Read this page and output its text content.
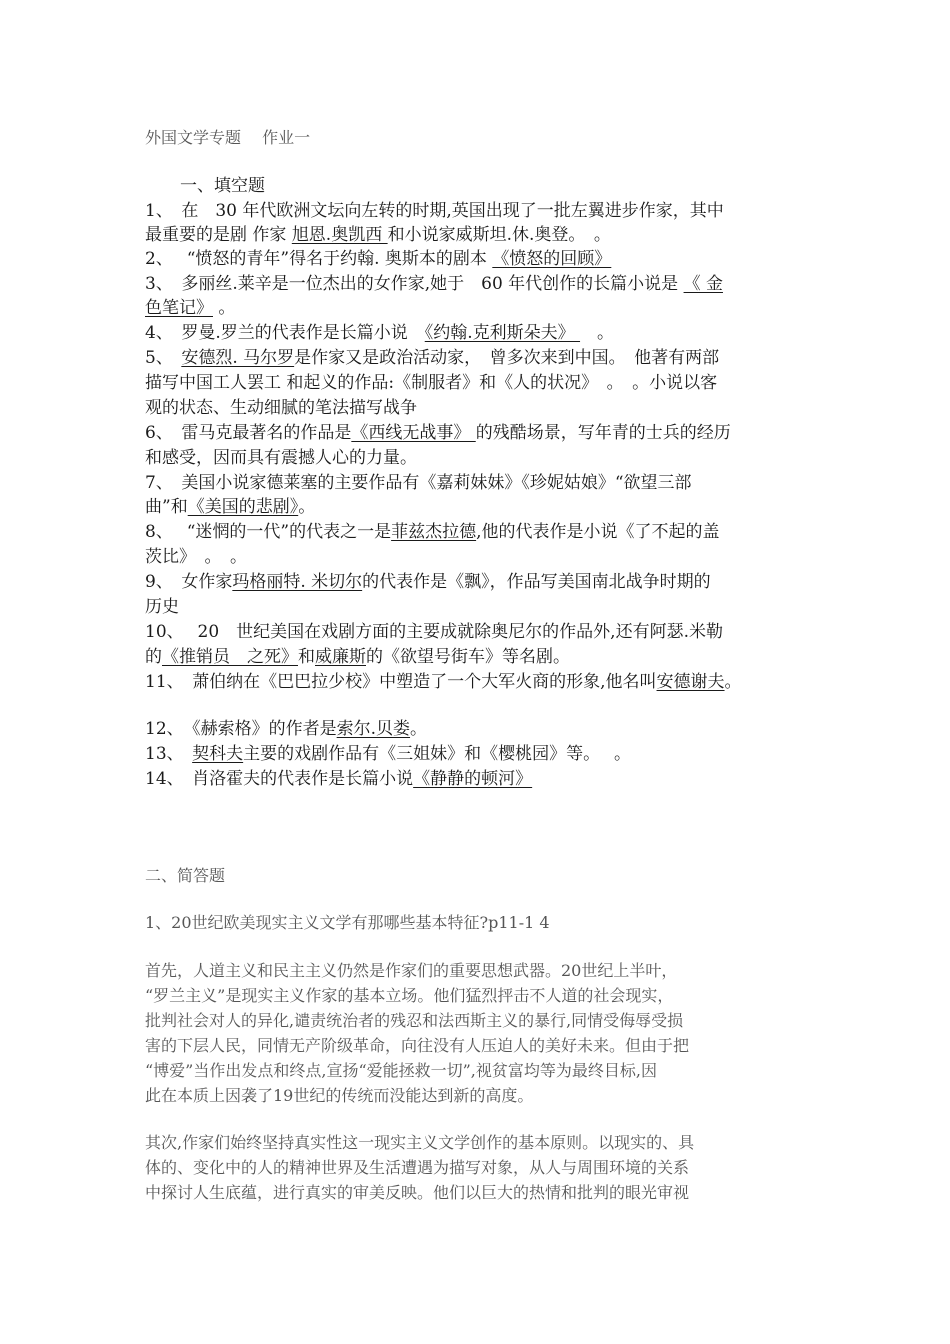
外国文学专题　 作业一
一、填空题
1、　在　30 年代欧洲文坛向左转的时期,英国出现了一批左翼进步作家，其中
最重要的是剧 作家 旭恩.奥凯西 和小说家威斯坦.休.奥登。　。
2、　 “愤怒的青年”得名于约翰. 奥斯本的剧本 《愤怒的回顾》
3、　多丽丝.莱辛是一位杰出的女作家,她于　60 年代创作的长篇小说是 《 金
色笔记》 。
4、　罗曼.罗兰的代表作是长篇小说　《约翰.克利斯朵夫》 　。
5、　安德烈. 马尔罗是作家又是政治活动家，　曾多次来到中国。　他著有两部
描写中国工人罢工 和起义的作品:《制服者》和《人的状况》　。　。小说以客
观的状态、生动细腻的笔法描写战争
6、　雷马克最著名的作品是《西线无战事》 的残酷场景，写年青的士兵的经历
和感受，因而具有震撼人心的力量。
7、　美国小说家德莱塞的主要作品有《嘉莉妹妹》《珍妮姑娘》“欲望三部
曲”和《美国的悲剧》。
8、　 “迷惘的一代”的代表之一是菲兹杰拉德,他的代表作是小说《了不起的盖
茨比》　。　。
9、　女作家玛格丽特. 米切尔的代表作是《飘》，作品写美国南北战争时期的
历史
10、　 20　世纪美国在戏剧方面的主要成就除奥尼尔的作品外,还有阿瑟.米勒
的《推销员　之死》和威廉斯的《欲望号街车》等名剧。
11、　萧伯纳在《巴巴拉少校》中塑造了一个大军火商的形象,他名叫安德谢夫。
12、　《赫索格》的作者是索尔.贝娄。
13、　契科夫主要的戏剧作品有《三姐妹》和《樱桃园》等。　 。
14、　肖洛霍夫的代表作是长篇小说《静静的顿河》
二、简答题
1、20世纪欧美现实主义文学有那哪些基本特征?p11-1 4
首先，人道主义和民主主义仍然是作家们的重要思想武器。20世纪上半叶，
“罗兰主义”是现实主义作家的基本立场。他们猛烈抨击不人道的社会现实，
批判社会对人的异化,谴责统治者的残忍和法西斯主义的暴行,同情受侮辱受损
害的下层人民，同情无产阶级革命，向往没有人压迫人的美好未来。但由于把
“博爱”当作出发点和终点,宣扬“爱能拯救一切”,视贫富均等为最终目标,因
此在本质上因袭了19世纪的传统而没能达到新的高度。
其次,作家们始终坚持真实性这一现实主义文学创作的基本原则。以现实的、具
体的、变化中的人的精神世界及生活遭遇为描写对象，从人与周围环境的关系
中探讨人生底蕴，进行真实的审美反映。他们以巨大的热情和批判的眼光审视
